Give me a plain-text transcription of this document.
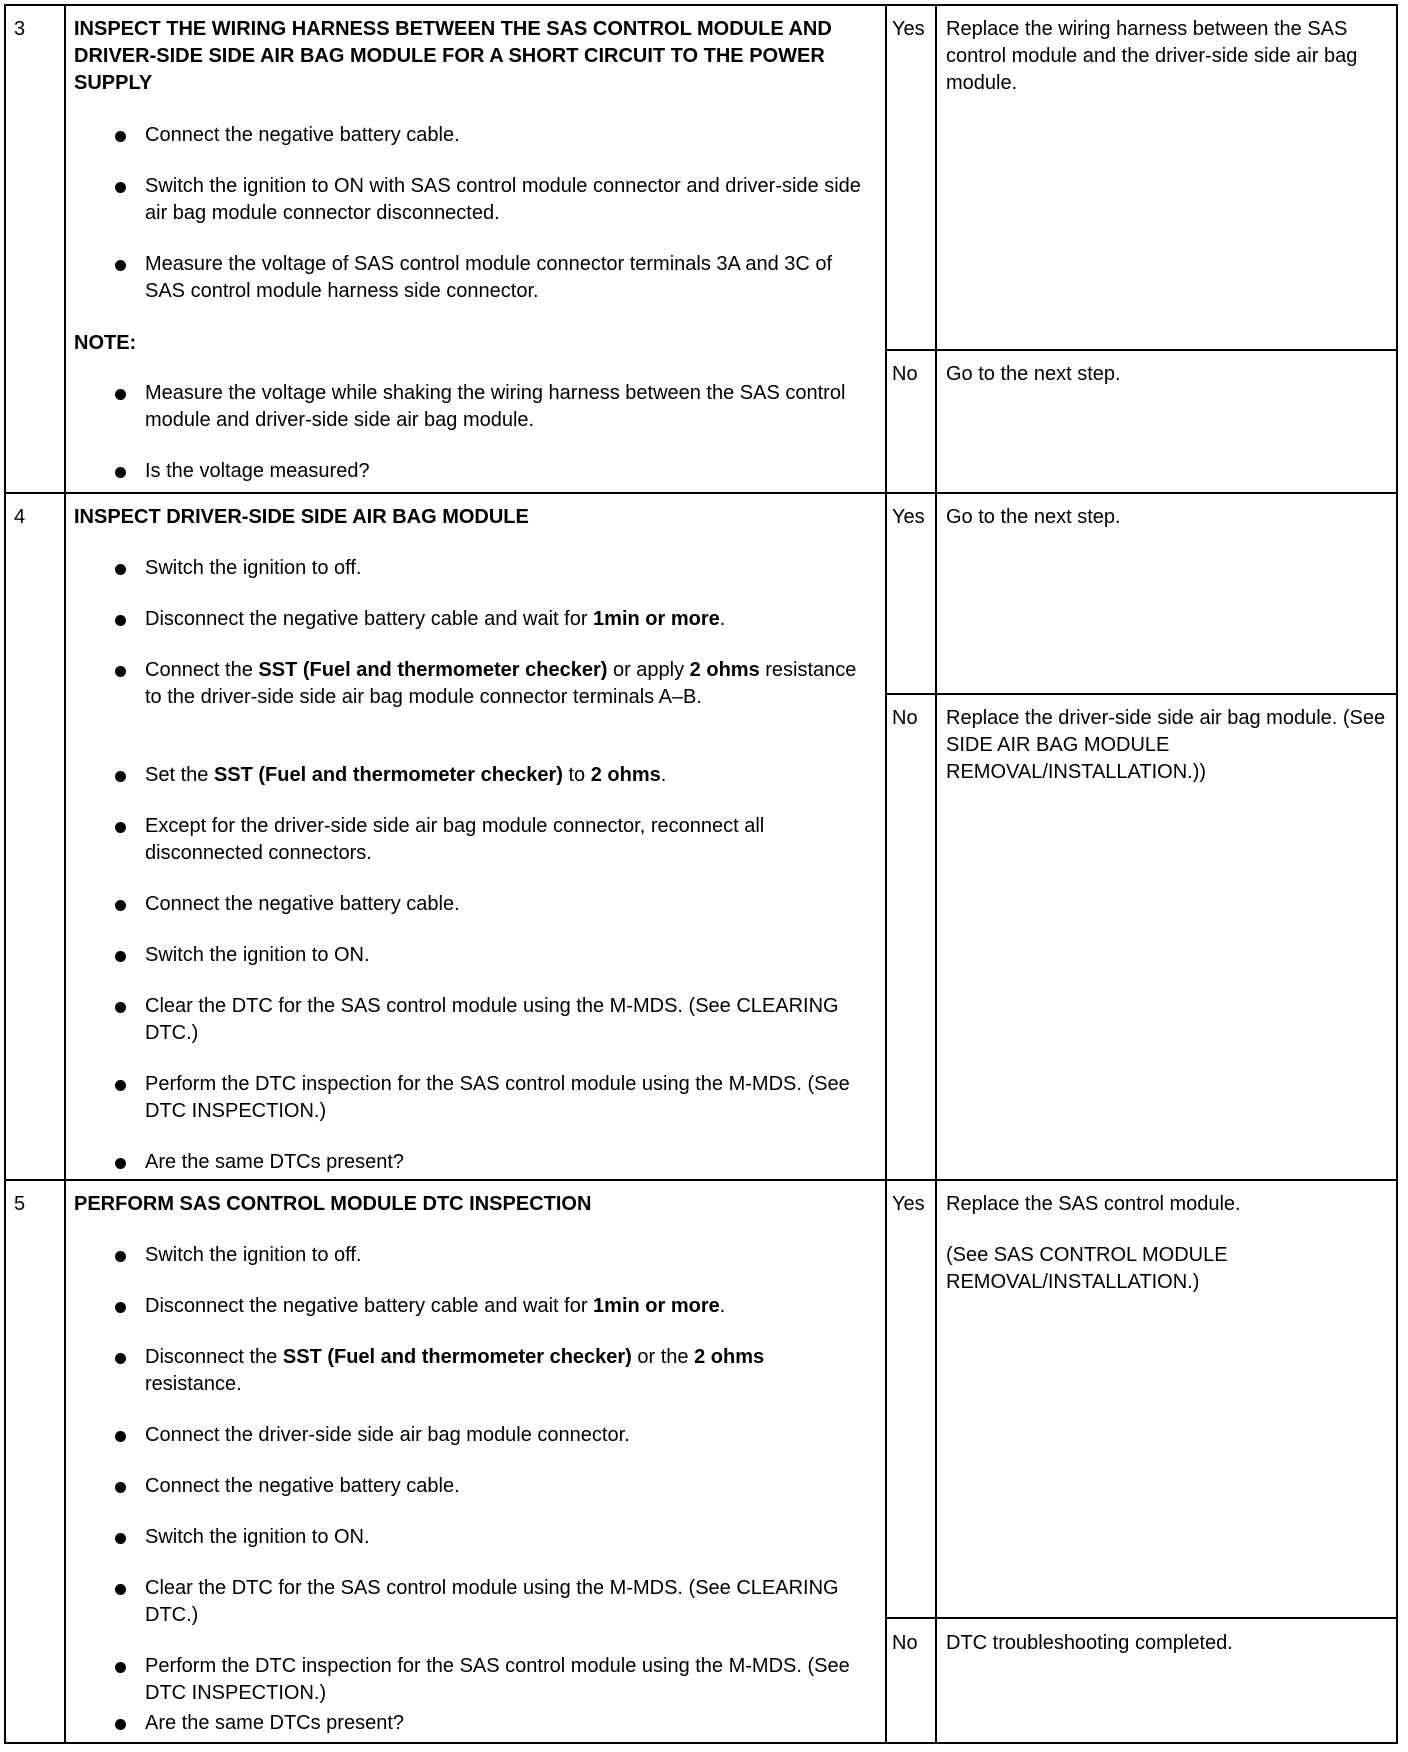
3 INSPECT THE WIRING HARNESS BETWEEN THE SAS CONTROL MODULE AND DRIVER-SIDE SIDE AIR BAG MODULE FOR A SHORT CIRCUIT TO THE POWER SUPPLY
Connect the negative battery cable.
Switch the ignition to ON with SAS control module connector and driver-side side air bag module connector disconnected.
Measure the voltage of SAS control module connector terminals 3A and 3C of SAS control module harness side connector.
NOTE:
Measure the voltage while shaking the wiring harness between the SAS control module and driver-side side air bag module.
Is the voltage measured?
Yes Replace the wiring harness between the SAS control module and the driver-side side air bag module.
No Go to the next step.
4 INSPECT DRIVER-SIDE SIDE AIR BAG MODULE
Switch the ignition to off.
Disconnect the negative battery cable and wait for 1min or more.
Connect the SST (Fuel and thermometer checker) or apply 2 ohms resistance to the driver-side side air bag module connector terminals A–B.
Set the SST (Fuel and thermometer checker) to 2 ohms.
Except for the driver-side side air bag module connector, reconnect all disconnected connectors.
Connect the negative battery cable.
Switch the ignition to ON.
Clear the DTC for the SAS control module using the M-MDS. (See CLEARING DTC.)
Perform the DTC inspection for the SAS control module using the M-MDS. (See DTC INSPECTION.)
Are the same DTCs present?
Yes Go to the next step.
No Replace the driver-side side air bag module. (See SIDE AIR BAG MODULE REMOVAL/INSTALLATION.))
5 PERFORM SAS CONTROL MODULE DTC INSPECTION
Switch the ignition to off.
Disconnect the negative battery cable and wait for 1min or more.
Disconnect the SST (Fuel and thermometer checker) or the 2 ohms resistance.
Connect the driver-side side air bag module connector.
Connect the negative battery cable.
Switch the ignition to ON.
Clear the DTC for the SAS control module using the M-MDS. (See CLEARING DTC.)
Perform the DTC inspection for the SAS control module using the M-MDS. (See DTC INSPECTION.)
Are the same DTCs present?
Yes Replace the SAS control module.
(See SAS CONTROL MODULE REMOVAL/INSTALLATION.)
No DTC troubleshooting completed.
